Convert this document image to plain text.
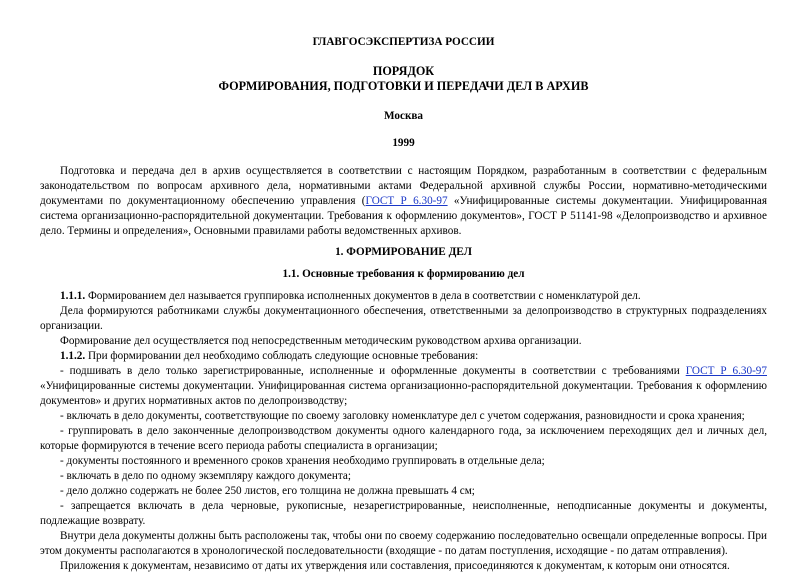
ГЛАВГОСЭКСПЕРТИЗА РОССИИ
ПОРЯДОК
ФОРМИРОВАНИЯ, ПОДГОТОВКИ И ПЕРЕДАЧИ ДЕЛ В АРХИВ
Москва
1999

Подготовка и передача дел в архив осуществляется в соответствии с настоящим Порядком, разработанным в соответствии с федеральным законодательством по вопросам архивного дела, нормативными актами Федеральной архивной службы России, нормативно-методическими документами по документационному обеспечению управления (ГОСТ Р 6.30-97 «Унифицированные системы документации. Унифицированная система организационно-распорядительной документации. Требования к оформлению документов», ГОСТ Р 51141-98 «Делопроизводство и архивное дело. Термины и определения», Основными правилами работы ведомственных архивов.

1. ФОРМИРОВАНИЕ ДЕЛ
1.1. Основные требования к формированию дел

1.1.1. Формированием дел называется группировка исполненных документов в дела в соответствии с номенклатурой дел.

Дела формируются работниками службы документационного обеспечения, ответственными за делопроизводство в структурных подразделениях организации.

Формирование дел осуществляется под непосредственным методическим руководством архива организации.

1.1.2. При формировании дел необходимо соблюдать следующие основные требования:

- подшивать в дело только зарегистрированные, исполненные и оформленные документы в соответствии с требованиями ГОСТ Р 6.30-97 «Унифицированные системы документации. Унифицированная система организационно-распорядительной документации. Требования к оформлению документов» и других нормативных актов по делопроизводству;

- включать в дело документы, соответствующие по своему заголовку номенклатуре дел с учетом содержания, разновидности и срока хранения;

- группировать в дело законченные делопроизводством документы одного календарного года, за исключением переходящих дел и личных дел, которые формируются в течение всего периода работы специалиста в организации;

- документы постоянного и временного сроков хранения необходимо группировать в отдельные дела;

- включать в дело по одному экземпляру каждого документа;

- дело должно содержать не более 250 листов, его толщина не должна превышать 4 см;

- запрещается включать в дела черновые, рукописные, незарегистрированные, неисполненные, неподписанные документы и документы, подлежащие возврату.

Внутри дела документы должны быть расположены так, чтобы они по своему содержанию последовательно освещали определенные вопросы. При этом документы располагаются в хронологической последовательности (входящие - по датам поступления, исходящие - по датам отправления).

Приложения к документам, независимо от даты их утверждения или составления, присоединяются к документам, к которым они относятся.
